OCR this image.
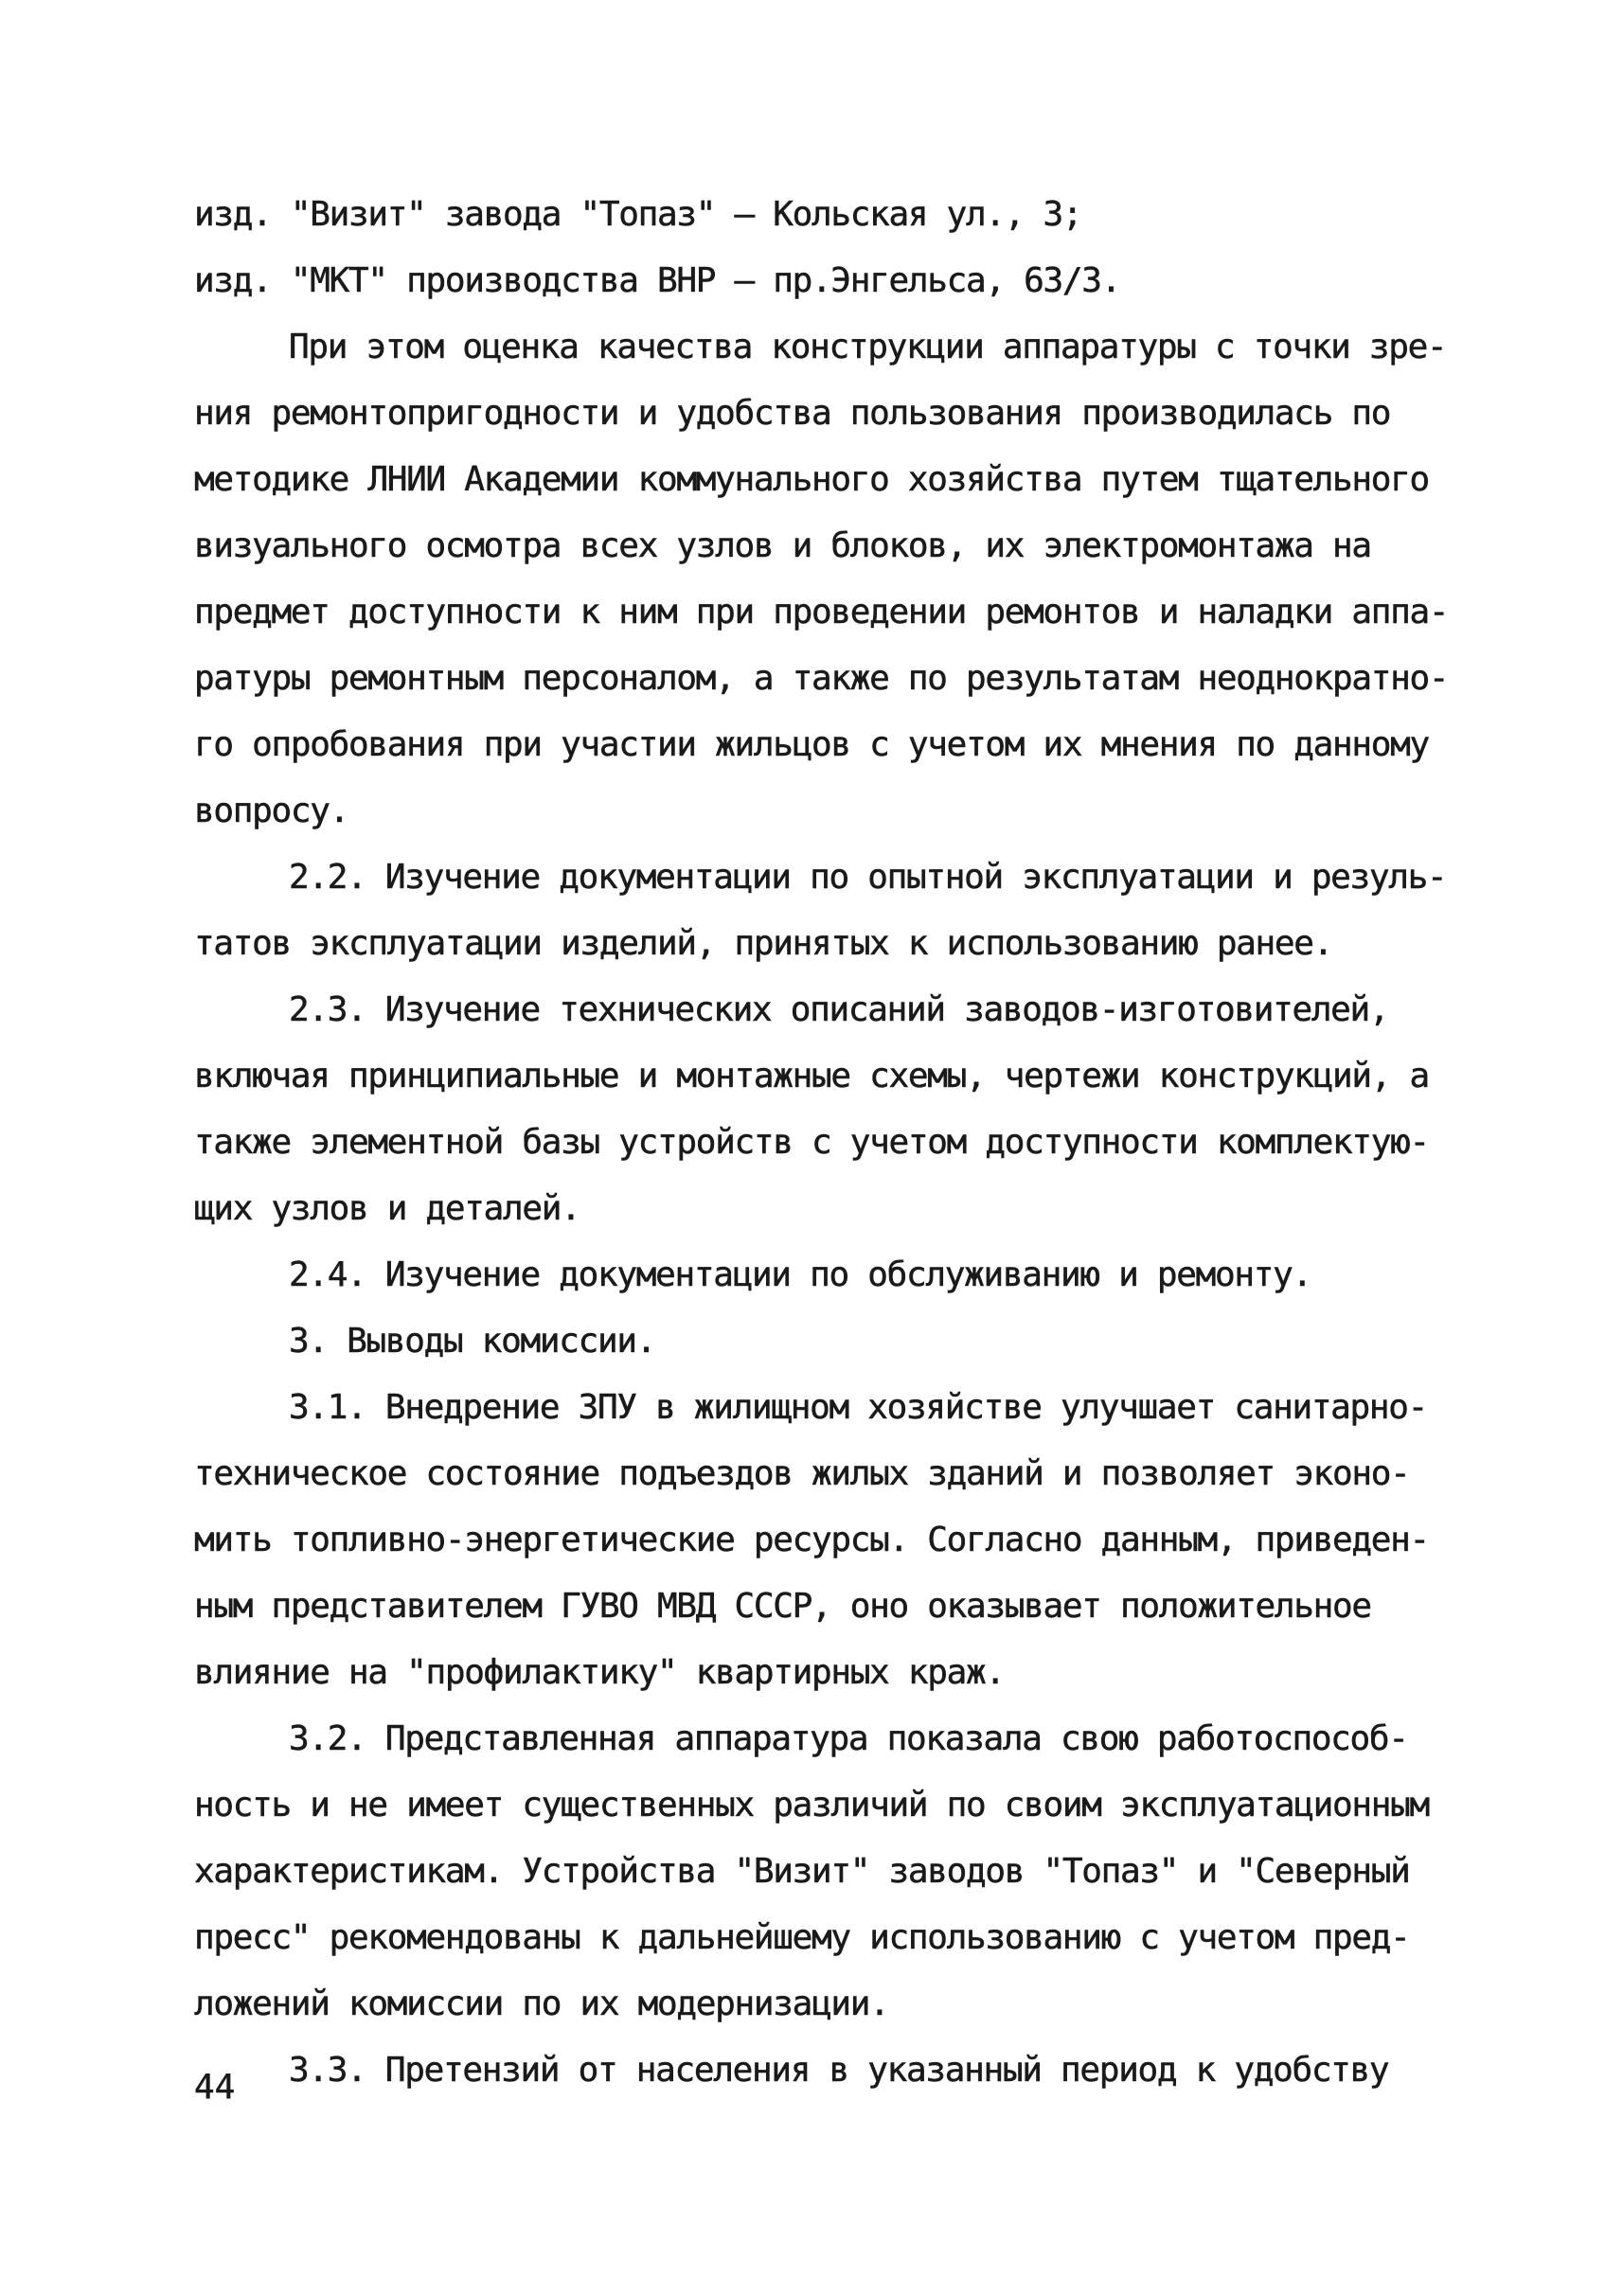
изд. "Визит" завода "Топаз" – Кольская ул., 3;
изд. "МКТ" производства ВНР – пр.Энгельса, 63/3.
При этом оценка качества конструкции аппаратуры с точки зре-
ния ремонтопригодности и удобства пользования производилась по
методике ЛНИИ Академии коммунального хозяйства путем тщательного
визуального осмотра всех узлов и блоков, их электромонтажа на
предмет доступности к ним при проведении ремонтов и наладки аппа-
ратуры ремонтным персоналом, а также по результатам неоднократно-
го опробования при участии жильцов с учетом их мнения по данному
вопросу.
2.2. Изучение документации по опытной эксплуатации и резуль-
татов эксплуатации изделий, принятых к использованию ранее.
2.3. Изучение технических описаний заводов-изготовителей,
включая принципиальные и монтажные схемы, чертежи конструкций, а
также элементной базы устройств с учетом доступности комплектую-
щих узлов и деталей.
2.4. Изучение документации по обслуживанию и ремонту.
3. Выводы комиссии.
3.1. Внедрение ЗПУ в жилищном хозяйстве улучшает санитарно-
техническое состояние подъездов жилых зданий и позволяет эконо-
мить топливно-энергетические ресурсы. Согласно данным, приведен-
ным представителем ГУВО МВД СССР, оно оказывает положительное
влияние на "профилактику" квартирных краж.
3.2. Представленная аппаратура показала свою работоспособ-
ность и не имеет существенных различий по своим эксплуатационным
характеристикам. Устройства "Визит" заводов "Топаз" и "Северный
пресс" рекомендованы к дальнейшему использованию с учетом пред-
ложений комиссии по их модернизации.
3.3. Претензий от населения в указанный период к удобству
44
